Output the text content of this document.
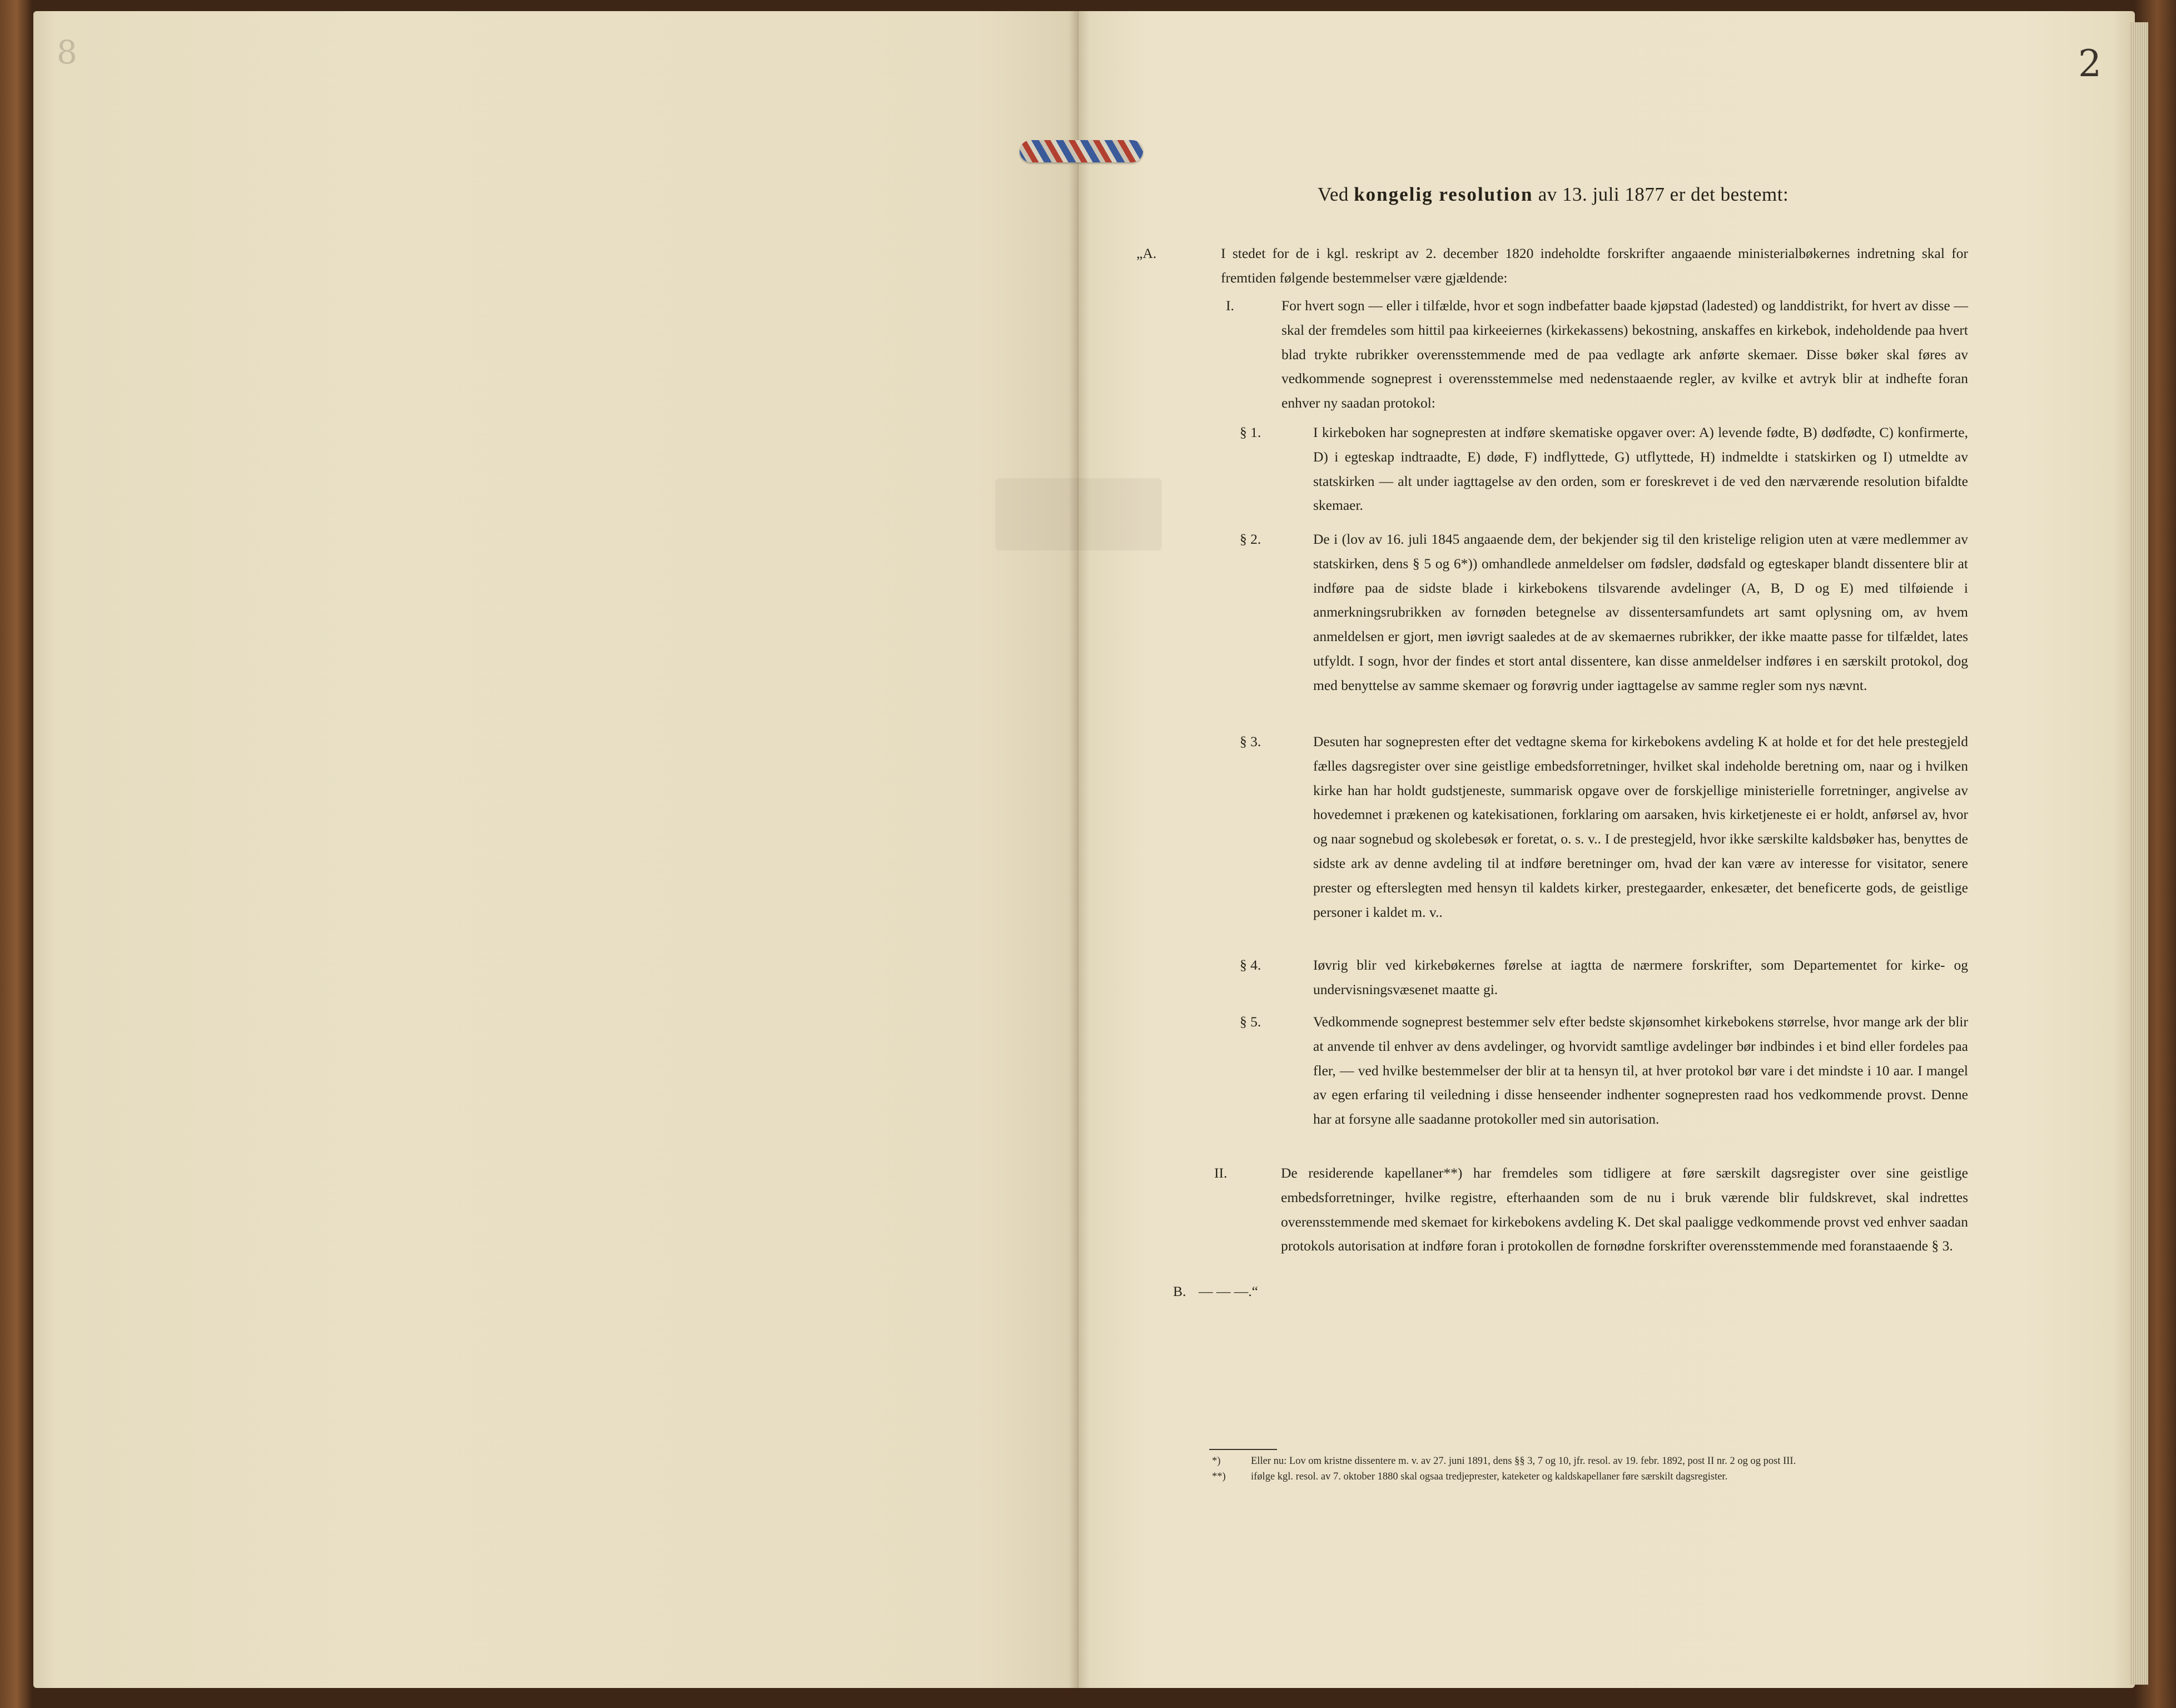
8	2
Ved kongelig resolution av 13. juli 1877 er det bestemt:

„A.	I stedet for de i kgl. reskript av 2. december 1820 indeholdte forskrifter angaaende ministerialbøkernes indretning skal for fremtiden følgende bestemmelser være gjældende:

I.	For hvert sogn — eller i tilfælde, hvor et sogn indbefatter baade kjøpstad (ladested) og landdistrikt, for hvert av disse — skal der fremdeles som hittil paa kirkeeiernes (kirkekassens) bekostning, anskaffes en kirkebok, indeholdende paa hvert blad trykte rubrikker overensstemmende med de paa vedlagte ark anførte skemaer. Disse bøker skal føres av vedkommende sogneprest i overensstemmelse med nedenstaaende regler, av kvilke et avtryk blir at indhefte foran enhver ny saadan protokol:

§ 1.	I kirkeboken har sognepresten at indføre skematiske opgaver over: A) levende fødte, B) dødfødte, C) konfirmerte, D) i egteskap indtraadte, E) døde, F) indflyttede, G) utflyttede, H) indmeldte i statskirken og I) utmeldte av statskirken — alt under iagttagelse av den orden, som er foreskrevet i de ved den nærværende resolution bifaldte skemaer.

§ 2.	De i (lov av 16. juli 1845 angaaende dem, der bekjender sig til den kristelige religion uten at være medlemmer av statskirken, dens § 5 og 6*)) omhandlede anmeldelser om fødsler, dødsfald og egteskaper blandt dissentere blir at indføre paa de sidste blade i kirkebokens tilsvarende avdelinger (A, B, D og E) med tilføiende i anmerkningsrubrikken av fornøden betegnelse av dissentersamfundets art samt oplysning om, av hvem anmeldelsen er gjort, men iøvrigt saaledes at de av skemaernes rubrikker, der ikke maatte passe for tilfældet, lates utfyldt. I sogn, hvor der findes et stort antal dissentere, kan disse anmeldelser indføres i en særskilt protokol, dog med benyttelse av samme skemaer og forøvrig under iagttagelse av samme regler som nys nævnt.

§ 3.	Desuten har sognepresten efter det vedtagne skema for kirkebokens avdeling K at holde et for det hele prestegjeld fælles dagsregister over sine geistlige embedsforretninger, hvilket skal indeholde beretning om, naar og i hvilken kirke han har holdt gudstjeneste, summarisk opgave over de forskjellige ministerielle forretninger, angivelse av hovedemnet i prækenen og katekisationen, forklaring om aarsaken, hvis kirketjeneste ei er holdt, anførsel av, hvor og naar sognebud og skolebesøk er foretat, o. s. v.. I de prestegjeld, hvor ikke særskilte kaldsbøker has, benyttes de sidste ark av denne avdeling til at indføre beretninger om, hvad der kan være av interesse for visitator, senere prester og efterslegten med hensyn til kaldets kirker, prestegaarder, enkesæter, det beneficerte gods, de geistlige personer i kaldet m. v..

§ 4.	Iøvrig blir ved kirkebøkernes førelse at iagtta de nærmere forskrifter, som Departementet for kirke- og undervisningsvæsenet maatte gi.

§ 5.	Vedkommende sogneprest bestemmer selv efter bedste skjønsomhet kirkebokens størrelse, hvor mange ark der blir at anvende til enhver av dens avdelinger, og hvorvidt samtlige avdelinger bør indbindes i et bind eller fordeles paa fler, — ved hvilke bestemmelser der blir at ta hensyn til, at hver protokol bør vare i det mindste i 10 aar. I mangel av egen erfaring til veiledning i disse henseender indhenter sognepresten raad hos vedkommende provst. Denne har at forsyne alle saadanne protokoller med sin autorisation.

II.	De residerende kapellaner**) har fremdeles som tidligere at føre særskilt dagsregister over sine geistlige embedsforretninger, hvilke registre, efterhaanden som de nu i bruk værende blir fuldskrevet, skal indrettes overensstemmende med skemaet for kirkebokens avdeling K. Det skal paaligge vedkommende provst ved enhver saadan protokols autorisation at indføre foran i protokollen de fornødne forskrifter overensstemmende med foranstaaende § 3.

B. — — —.“

*)	Eller nu: Lov om kristne dissentere m. v. av 27. juni 1891, dens §§ 3, 7 og 10, jfr. resol. av 19. febr. 1892, post II nr. 2 og og post III.

**) ifølge kgl. resol. av 7. oktober 1880 skal ogsaa tredjeprester, kateketer og kaldskapellaner føre særskilt dagsregister.
